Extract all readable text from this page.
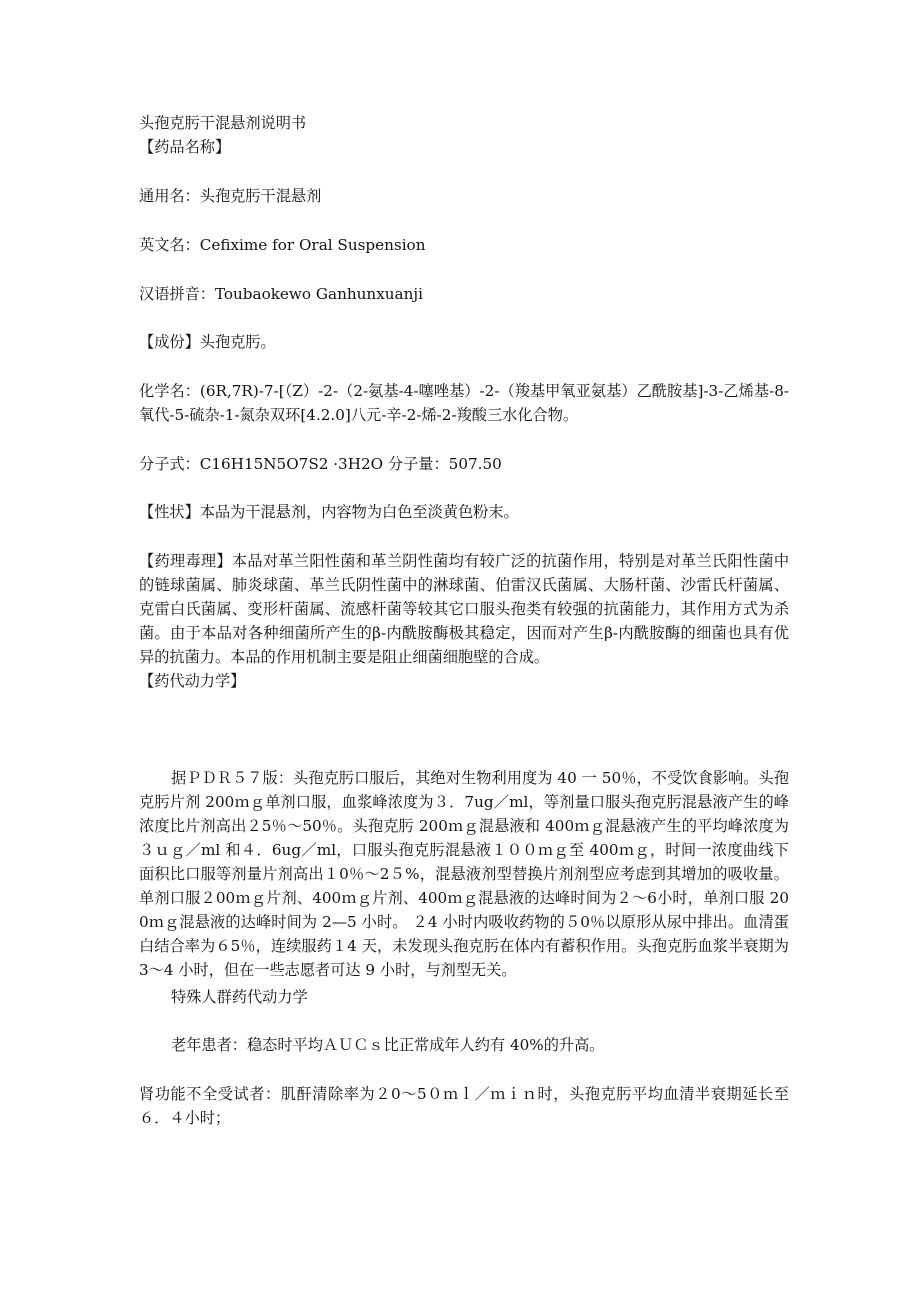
头孢克肟干混悬剂说明书
【药品名称】
通用名：头孢克肟干混悬剂
英文名：Cefixime for Oral Suspension
汉语拼音：Toubaokewo Ganhunxuanji
【成份】头孢克肟。
化学名：(6R,7R)-7-[（Z）-2-（2-氨基-4-噻唑基）-2-（羧基甲氧亚氨基）乙酰胺基]-3-乙烯基-8-氧代-5-硫杂-1-氮杂双环[4.2.0]八元-辛-2-烯-2-羧酸三水化合物。
分子式：C16H15N5O7S2 ·3H2O 分子量：507.50
【性状】本品为干混悬剂，内容物为白色至淡黄色粉末。
【药理毒理】本品对革兰阳性菌和革兰阴性菌均有较广泛的抗菌作用，特别是对革兰氏阳性菌中的链球菌属、肺炎球菌、革兰氏阴性菌中的淋球菌、伯雷汉氏菌属、大肠杆菌、沙雷氏杆菌属、克雷白氏菌属、变形杆菌属、流感杆菌等较其它口服头孢类有较强的抗菌能力，其作用方式为杀菌。由于本品对各种细菌所产生的β-内酰胺酶极其稳定，因而对产生β-内酰胺酶的细菌也具有优异的抗菌力。本品的作用机制主要是阻止细菌细胞壁的合成。
【药代动力学】
据ＰＤＲ５７版：头孢克肟口服后，其绝对生物利用度为 40 一 50％，不受饮食影响。头孢克肟片剂 200ｍｇ单剂口服，血浆峰浓度为３．7ug／ml，等剂量口服头孢克肟混悬液产生的峰浓度比片剂高出２5％～50％。头孢克肟 200ｍｇ混悬液和 400ｍｇ混悬液产生的平均峰浓度为３ｕｇ／ml 和４．6ug／ml，口服头孢克肟混悬液１００ｍｇ至 400ｍｇ，时间一浓度曲线下面积比口服等剂量片剂高出１0％～2５%，混悬液剂型替换片剂剂型应考虑到其增加的吸收量。单剂口服２00ｍｇ片剂、400ｍｇ片剂、400ｍｇ混悬液的达峰时间为２～6小时，单剂口服 200ｍｇ混悬液的达峰时间为 2—5 小时。 ２4 小时内吸收药物的５0％以原形从尿中排出。血清蛋白结合率为６5％，连续服药１4 天，未发现头孢克肟在体内有蓄积作用。头孢克肟血浆半衰期为 3～4 小时，但在一些志愿者可达 9 小时，与剂型无关。
特殊人群药代动力学
老年患者：稳态时平均ＡＵＣｓ比正常成年人约有 40%的升高。
肾功能不全受试者：肌酐清除率为２0～5０ｍｌ／ｍｉｎ时，头孢克肟平均血清半衰期延长至６．４小时；
